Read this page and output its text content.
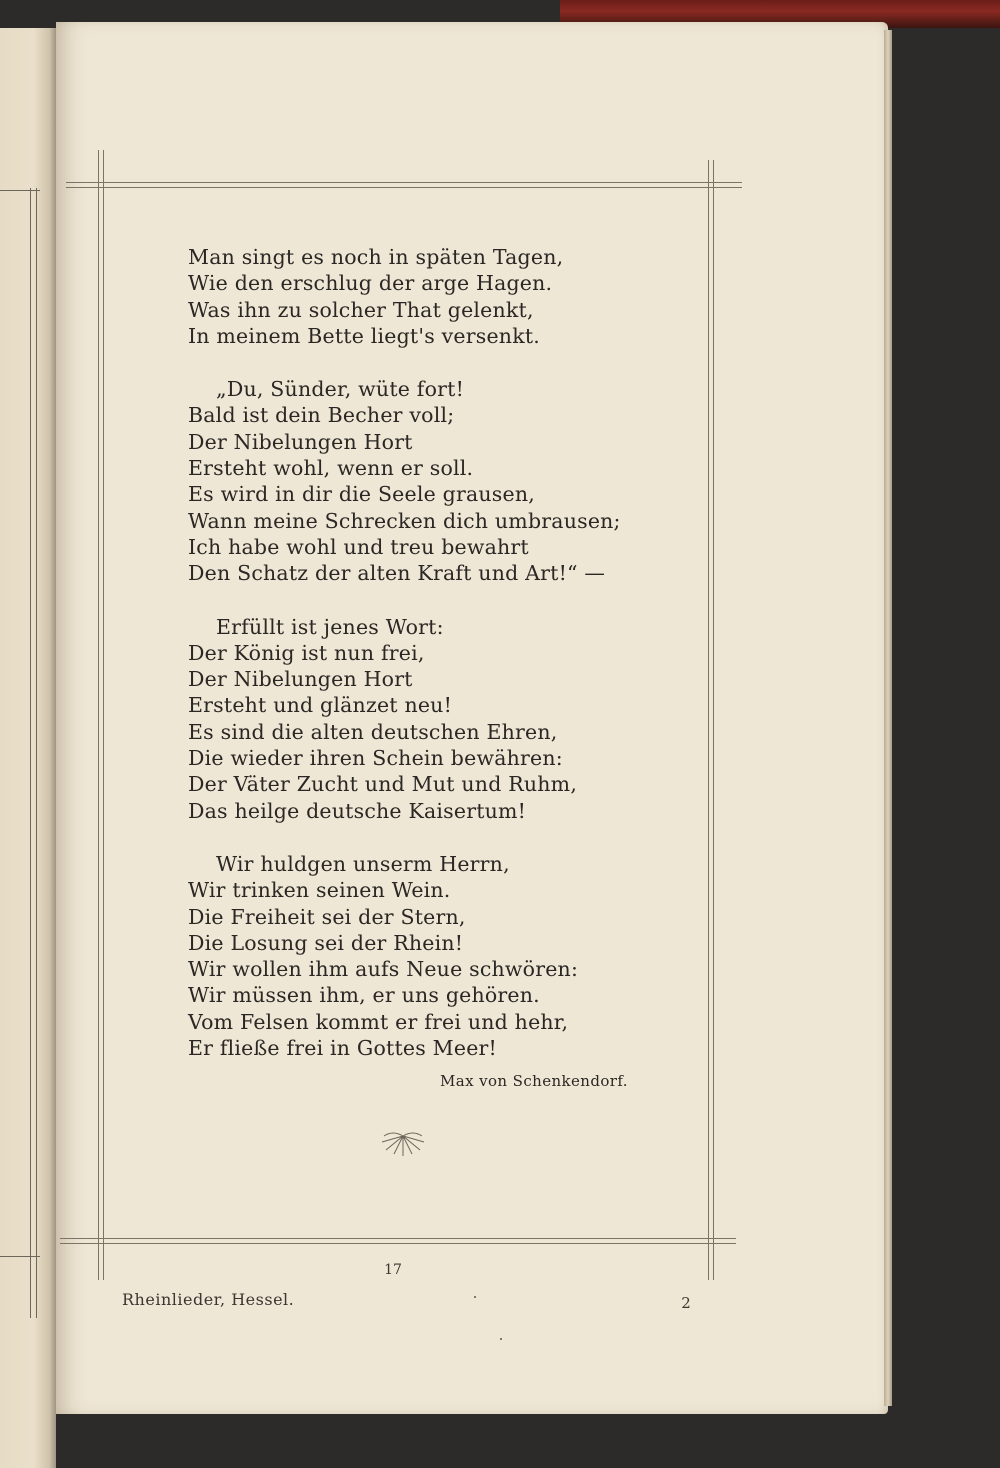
Man singt es noch in späten Tagen,
Wie den erschlug der arge Hagen.
Was ihn zu solcher That gelenkt,
In meinem Bette liegt's versenkt.
„Du, Sünder, wüte fort!
Bald ist dein Becher voll;
Der Nibelungen Hort
Ersteht wohl, wenn er soll.
Es wird in dir die Seele grausen,
Wann meine Schrecken dich umbrausen;
Ich habe wohl und treu bewahrt
Den Schatz der alten Kraft und Art!“ —
Erfüllt ist jenes Wort:
Der König ist nun frei,
Der Nibelungen Hort
Ersteht und glänzet neu!
Es sind die alten deutschen Ehren,
Die wieder ihren Schein bewähren:
Der Väter Zucht und Mut und Ruhm,
Das heilge deutsche Kaisertum!
Wir huldgen unserm Herrn,
Wir trinken seinen Wein.
Die Freiheit sei der Stern,
Die Losung sei der Rhein!
Wir wollen ihm aufs Neue schwören:
Wir müssen ihm, er uns gehören.
Vom Felsen kommt er frei und hehr,
Er fließe frei in Gottes Meer!
Max von Schenkendorf.
17
Rheinlieder, Hessel.	2
